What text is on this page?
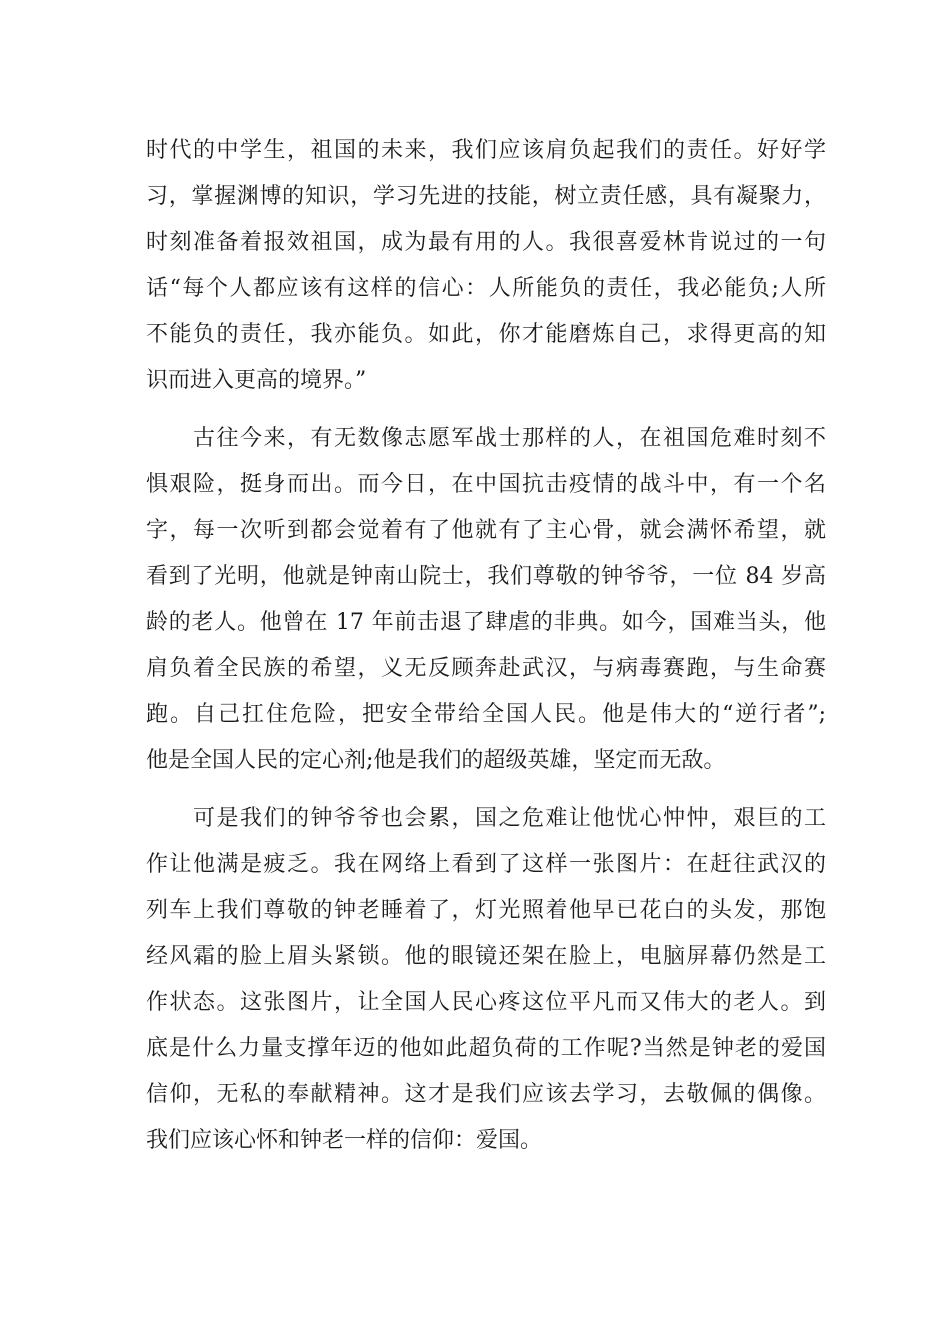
时代的中学生，祖国的未来，我们应该肩负起我们的责任。好好学
习，掌握渊博的知识，学习先进的技能，树立责任感，具有凝聚力，
时刻准备着报效祖国，成为最有用的人。我很喜爱林肯说过的一句
话“每个人都应该有这样的信心：人所能负的责任，我必能负;人所
不能负的责任，我亦能负。如此，你才能磨炼自己，求得更高的知
识而进入更高的境界。”
　　古往今来，有无数像志愿军战士那样的人，在祖国危难时刻不
惧艰险，挺身而出。而今日，在中国抗击疫情的战斗中，有一个名
字，每一次听到都会觉着有了他就有了主心骨，就会满怀希望，就
看到了光明，他就是钟南山院士，我们尊敬的钟爷爷，一位 84 岁高
龄的老人。他曾在 17 年前击退了肆虐的非典。如今，国难当头，他
肩负着全民族的希望，义无反顾奔赴武汉，与病毒赛跑，与生命赛
跑。自己扛住危险，把安全带给全国人民。他是伟大的“逆行者”;
他是全国人民的定心剂;他是我们的超级英雄，坚定而无敌。
　　可是我们的钟爷爷也会累，国之危难让他忧心忡忡，艰巨的工
作让他满是疲乏。我在网络上看到了这样一张图片：在赶往武汉的
列车上我们尊敬的钟老睡着了，灯光照着他早已花白的头发，那饱
经风霜的脸上眉头紧锁。他的眼镜还架在脸上，电脑屏幕仍然是工
作状态。这张图片，让全国人民心疼这位平凡而又伟大的老人。到
底是什么力量支撑年迈的他如此超负荷的工作呢?当然是钟老的爱国
信仰，无私的奉献精神。这才是我们应该去学习，去敬佩的偶像。
我们应该心怀和钟老一样的信仰：爱国。
